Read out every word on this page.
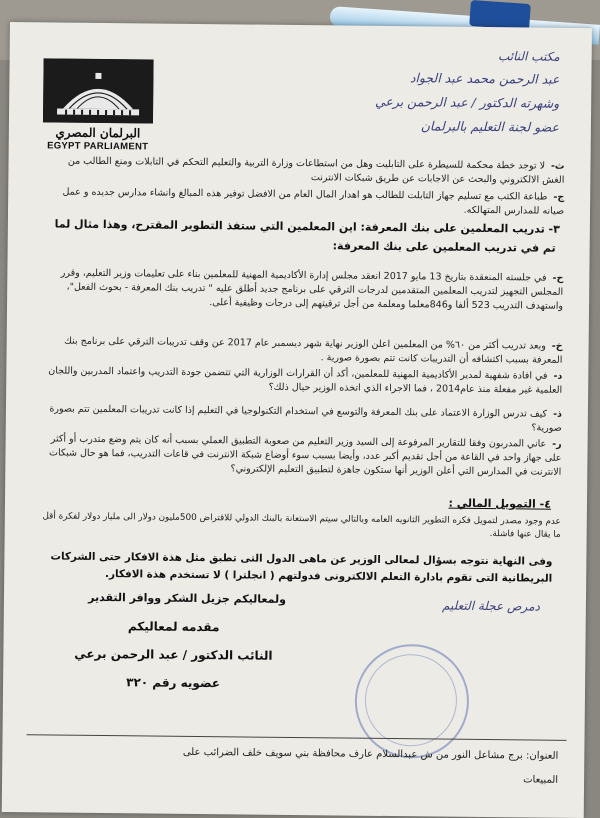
البرلمان المصري
EGYPT PARLIAMENT
مكتب النائب
عبد الرحمن محمد عبد الجواد
وشهرته الدكتور / عبد الرحمن برعي
عضو لجنة التعليم بالبرلمان
ث-لا توجد خطة محكمة للسيطرة على التابليت وهل من استطاعات وزارة التربية والتعليم التحكم في التابلات ومنع الطالب من الغش الالكتروني والبحث عن الاجابات عن طريق شبكات الانترنت
ج-طباعة الكتب مع تسليم جهاز التابلت للطالب هو اهدار المال العام من الافضل توفير هذه المبالغ وانشاء مدارس جديده و عمل صيانه للمدارس المتهالكه.
٣- تدريب المعلمين على بنك المعرفة: اين المعلمين التي ستفذ التطوير المقترح، وهذا مثال لما
تم في تدريب المعلمين على بنك المعرفة:
ح-في جلسته المنعقدة بتاريخ 13 مايو 2017 انعقد مجلس إدارة الأكاديمية المهنية للمعلمين بناء على تعليمات وزير التعليم، وقرر المجلس التجهيز لتدريب المعلمين المتقدمين لدرجات الترقي على برنامج جديد أطلق عليه " تدريب بنك المعرفة - بحوث الفعل"، واستهدف التدريب 523 ألفا و846معلما ومعلمة من أجل ترقيتهم إلى درجات وظيفية أعلى.
خ-وبعد تدريب أكثر من ٦٠% من المعلمين اعلن الوزير نهاية شهر ديسمبر عام 2017 عن وقف تدريبات الترقي على برنامج بنك المعرفة بسبب اكتشافه أن التدريبات كانت تتم بصورة صورية .
د-في افادة شفهية لمدير الأكاديمية المهنية للمعلمين، أكد أن القرارات الوزارية التي تتضمن جودة التدريب واعتماد المدربين واللجان العلمية غير مفعلة منذ عام2014 ، فما الاجراء الذي اتخذه الوزير حيال ذلك؟
ذ-كيف تدرس الوزارة الاعتماد على بنك المعرفة والتوسع في استخدام التكنولوجيا في التعليم إذا كانت تدريبات المعلمين تتم بصورة صورية؟
ر-عاني المدربون وفقا للتقارير المرفوعة إلى السيد وزير التعليم من صعوبة التطبيق العملي بسبب أنه كان يتم وضع متدرب أو أكثر على جهاز واحد في القاعة من أجل تقديم أكبر عدد، وأيضا بسبب سوء أوضاع شبكة الانترنت في قاعات التدريب، فما هو حال شبكات الانترنت في المدارس التي أعلن الوزير أنها ستكون جاهزة لتطبيق التعليم الإلكتروني؟
٤- التمويل المالي :
عدم وجود مصدر لتمويل فكره التطوير الثانويه العامه وبالتالي سيتم الاستعانة بالبنك الدولي للاقتراض 500مليون دولار الى مليار دولار لفكرة أقل ما يقال عنها فاشلة.
وفى النهاية نتوجه بسؤال لمعالى الوزير عن ماهى الدول التى تطبق مثل هذة الافكار حتى الشركات البريطانية التى تقوم بادارة التعلم الالكترونى فدولتهم ( انجلترا ) لا تستخدم هذة الافكار.
ولمعاليكم جزيل الشكر ووافر التقدير
دمرص عجلة التعليم
مقدمه لمعاليكم
النائب الدكتور / عبد الرحمن برعي
عضويه رقم ٣٢٠
العنوان: برج مشاعل النور من ش عبدالسلام عارف محافظة بني سويف خلف الضرائب على
المبيعات
